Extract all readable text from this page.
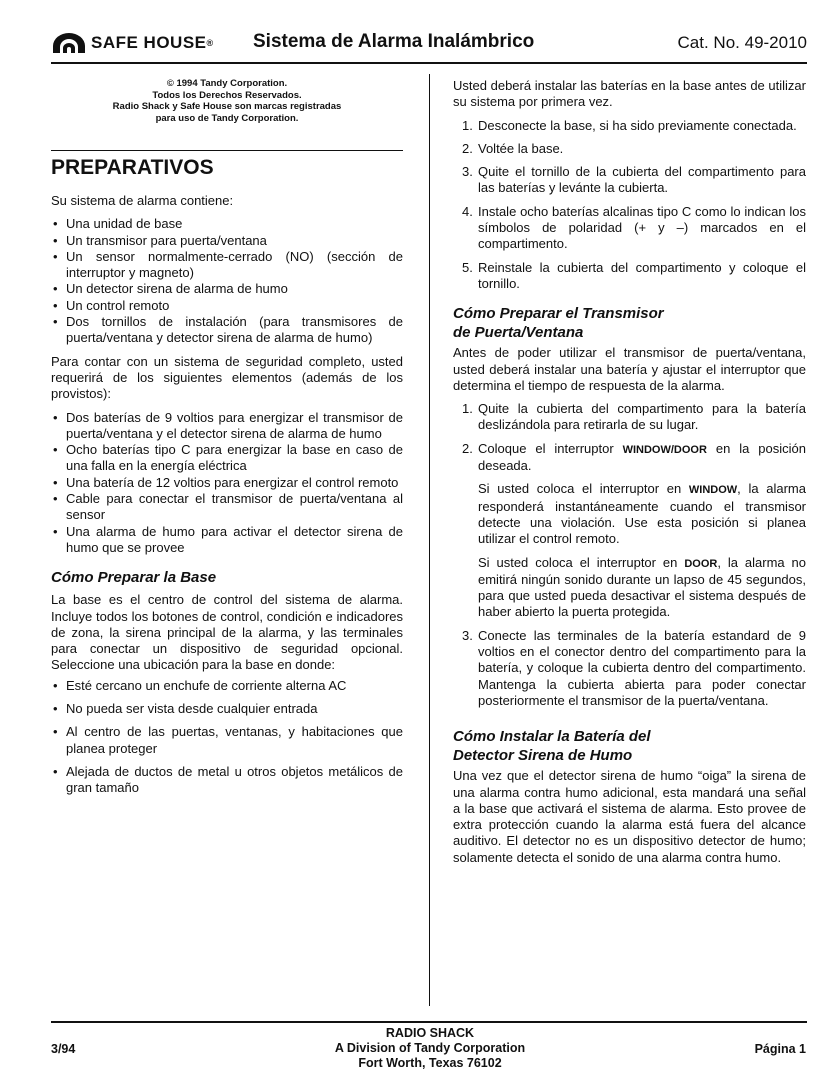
SAFE HOUSE ® Sistema de Alarma Inalámbrico	Cat. No. 49-2010
© 1994 Tandy Corporation.
Todos los Derechos Reservados.
Radio Shack y Safe House son marcas registradas
para uso de Tandy Corporation.
PREPARATIVOS

Su sistema de alarma contiene:

• Una unidad de base
• Un transmisor para puerta/ventana
• Un sensor normalmente-cerrado (NO) (sección de interruptor y magneto)
• Un detector sirena de alarma de humo
• Un control remoto
• Dos tornillos de instalación (para transmisores de puerta/ventana y detector sirena de alarma de humo)

Para contar con un sistema de seguridad completo, usted requerirá de los siguientes elementos (además de los provistos):

• Dos baterías de 9 voltios para energizar el transmisor de puerta/ventana y el detector sirena de alarma de humo
• Ocho baterías tipo C para energizar la base en caso de una falla en la energía eléctrica
• Una batería de 12 voltios para energizar el control remoto
• Cable para conectar el transmisor de puerta/ventana al sensor
• Una alarma de humo para activar el detector sirena de humo que se provee
Cómo Preparar la Base

La base es el centro de control del sistema de alarma. Incluye todos los botones de control, condición e indicadores de zona, la sirena principal de la alarma, y las terminales para conectar un dispositivo de seguridad opcional. Seleccione una ubicación para la base en donde:

• Esté cercano un enchufe de corriente alterna AC
• No pueda ser vista desde cualquier entrada
• Al centro de las puertas, ventanas, y habitaciones que planea proteger
• Alejada de ductos de metal u otros objetos metálicos de gran tamaño

Usted deberá instalar las baterías en la base antes de utilizar su sistema por primera vez.

1. Desconecte la base, si ha sido previamente conectada.
2. Voltée la base.
3. Quite el tornillo de la cubierta del compartimento para las baterías y levánte la cubierta.
4. Instale ocho baterías alcalinas tipo C como lo indican los símbolos de polaridad (+ y –) marcados en el compartimento.
5. Reinstale la cubierta del compartimento y coloque el tornillo.
Cómo Preparar el Transmisor
de Puerta/Ventana

Antes de poder utilizar el transmisor de puerta/ventana, usted deberá instalar una batería y ajustar el interruptor que determina el tiempo de respuesta de la alarma.

1. Quite la cubierta del compartimento para la batería deslizándola para retirarla de su lugar.
2. Coloque el interruptor WINDOW/DOOR en la posición deseada.

Si usted coloca el interruptor en WINDOW, la alarma responderá instantáneamente cuando el transmisor detecte una violación. Use esta posición si planea utilizar el control remoto.

Si usted coloca el interruptor en DOOR, la alarma no emitirá ningún sonido durante un lapso de 45 segundos, para que usted pueda desactivar el sistema después de haber abierto la puerta protegida.

3. Conecte las terminales de la batería estandard de 9 voltios en el conector dentro del compartimento para la batería, y coloque la cubierta dentro del compartimento. Mantenga la cubierta abierta para poder conectar posteriormente el transmisor de la puerta/ventana.
Cómo Instalar la Batería del
Detector Sirena de Humo

Una vez que el detector sirena de humo “oiga” la sirena de una alarma contra humo adicional, esta mandará una señal a la base que activará el sistema de alarma. Esto provee de extra protección cuando la alarma está fuera del alcance auditivo. El detector no es un dispositivo detector de humo; solamente detecta el sonido de una alarma contra humo.

3/94
RADIO SHACK
A Division of Tandy Corporation
Fort Worth, Texas 76102
Página 1
